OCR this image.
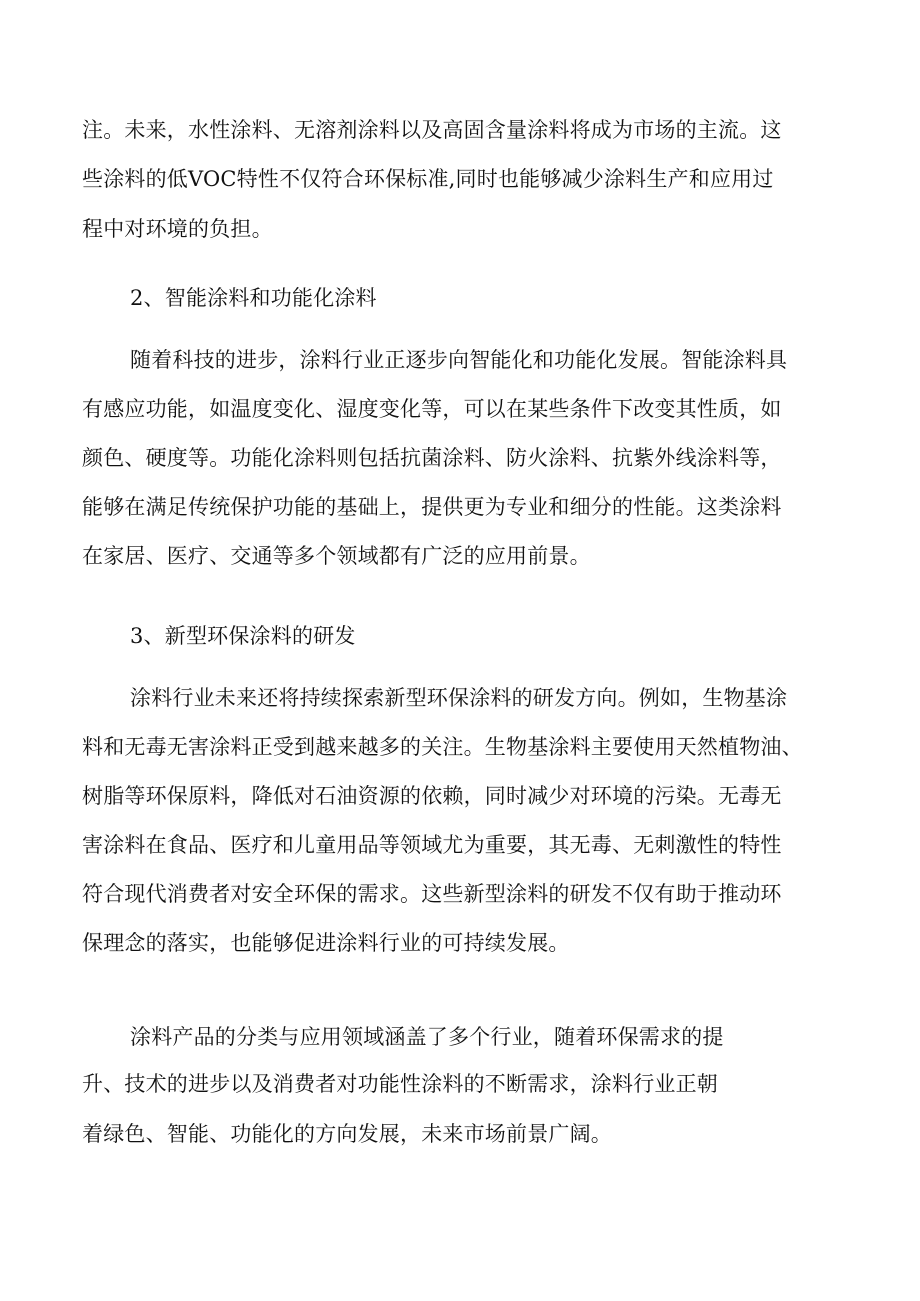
注。未来，水性涂料、无溶剂涂料以及高固含量涂料将成为市场的主流。这
些涂料的低VOC特性不仅符合环保标准,同时也能够减少涂料生产和应用过
程中对环境的负担。
2、智能涂料和功能化涂料
随着科技的进步，涂料行业正逐步向智能化和功能化发展。智能涂料具
有感应功能，如温度变化、湿度变化等，可以在某些条件下改变其性质，如
颜色、硬度等。功能化涂料则包括抗菌涂料、防火涂料、抗紫外线涂料等，
能够在满足传统保护功能的基础上，提供更为专业和细分的性能。这类涂料
在家居、医疗、交通等多个领域都有广泛的应用前景。
3、新型环保涂料的研发
涂料行业未来还将持续探索新型环保涂料的研发方向。例如，生物基涂
料和无毒无害涂料正受到越来越多的关注。生物基涂料主要使用天然植物油、
树脂等环保原料，降低对石油资源的依赖，同时减少对环境的污染。无毒无
害涂料在食品、医疗和儿童用品等领域尤为重要，其无毒、无刺激性的特性
符合现代消费者对安全环保的需求。这些新型涂料的研发不仅有助于推动环
保理念的落实，也能够促进涂料行业的可持续发展。
涂料产品的分类与应用领域涵盖了多个行业，随着环保需求的提
升、技术的进步以及消费者对功能性涂料的不断需求，涂料行业正朝
着绿色、智能、功能化的方向发展，未来市场前景广阔。
